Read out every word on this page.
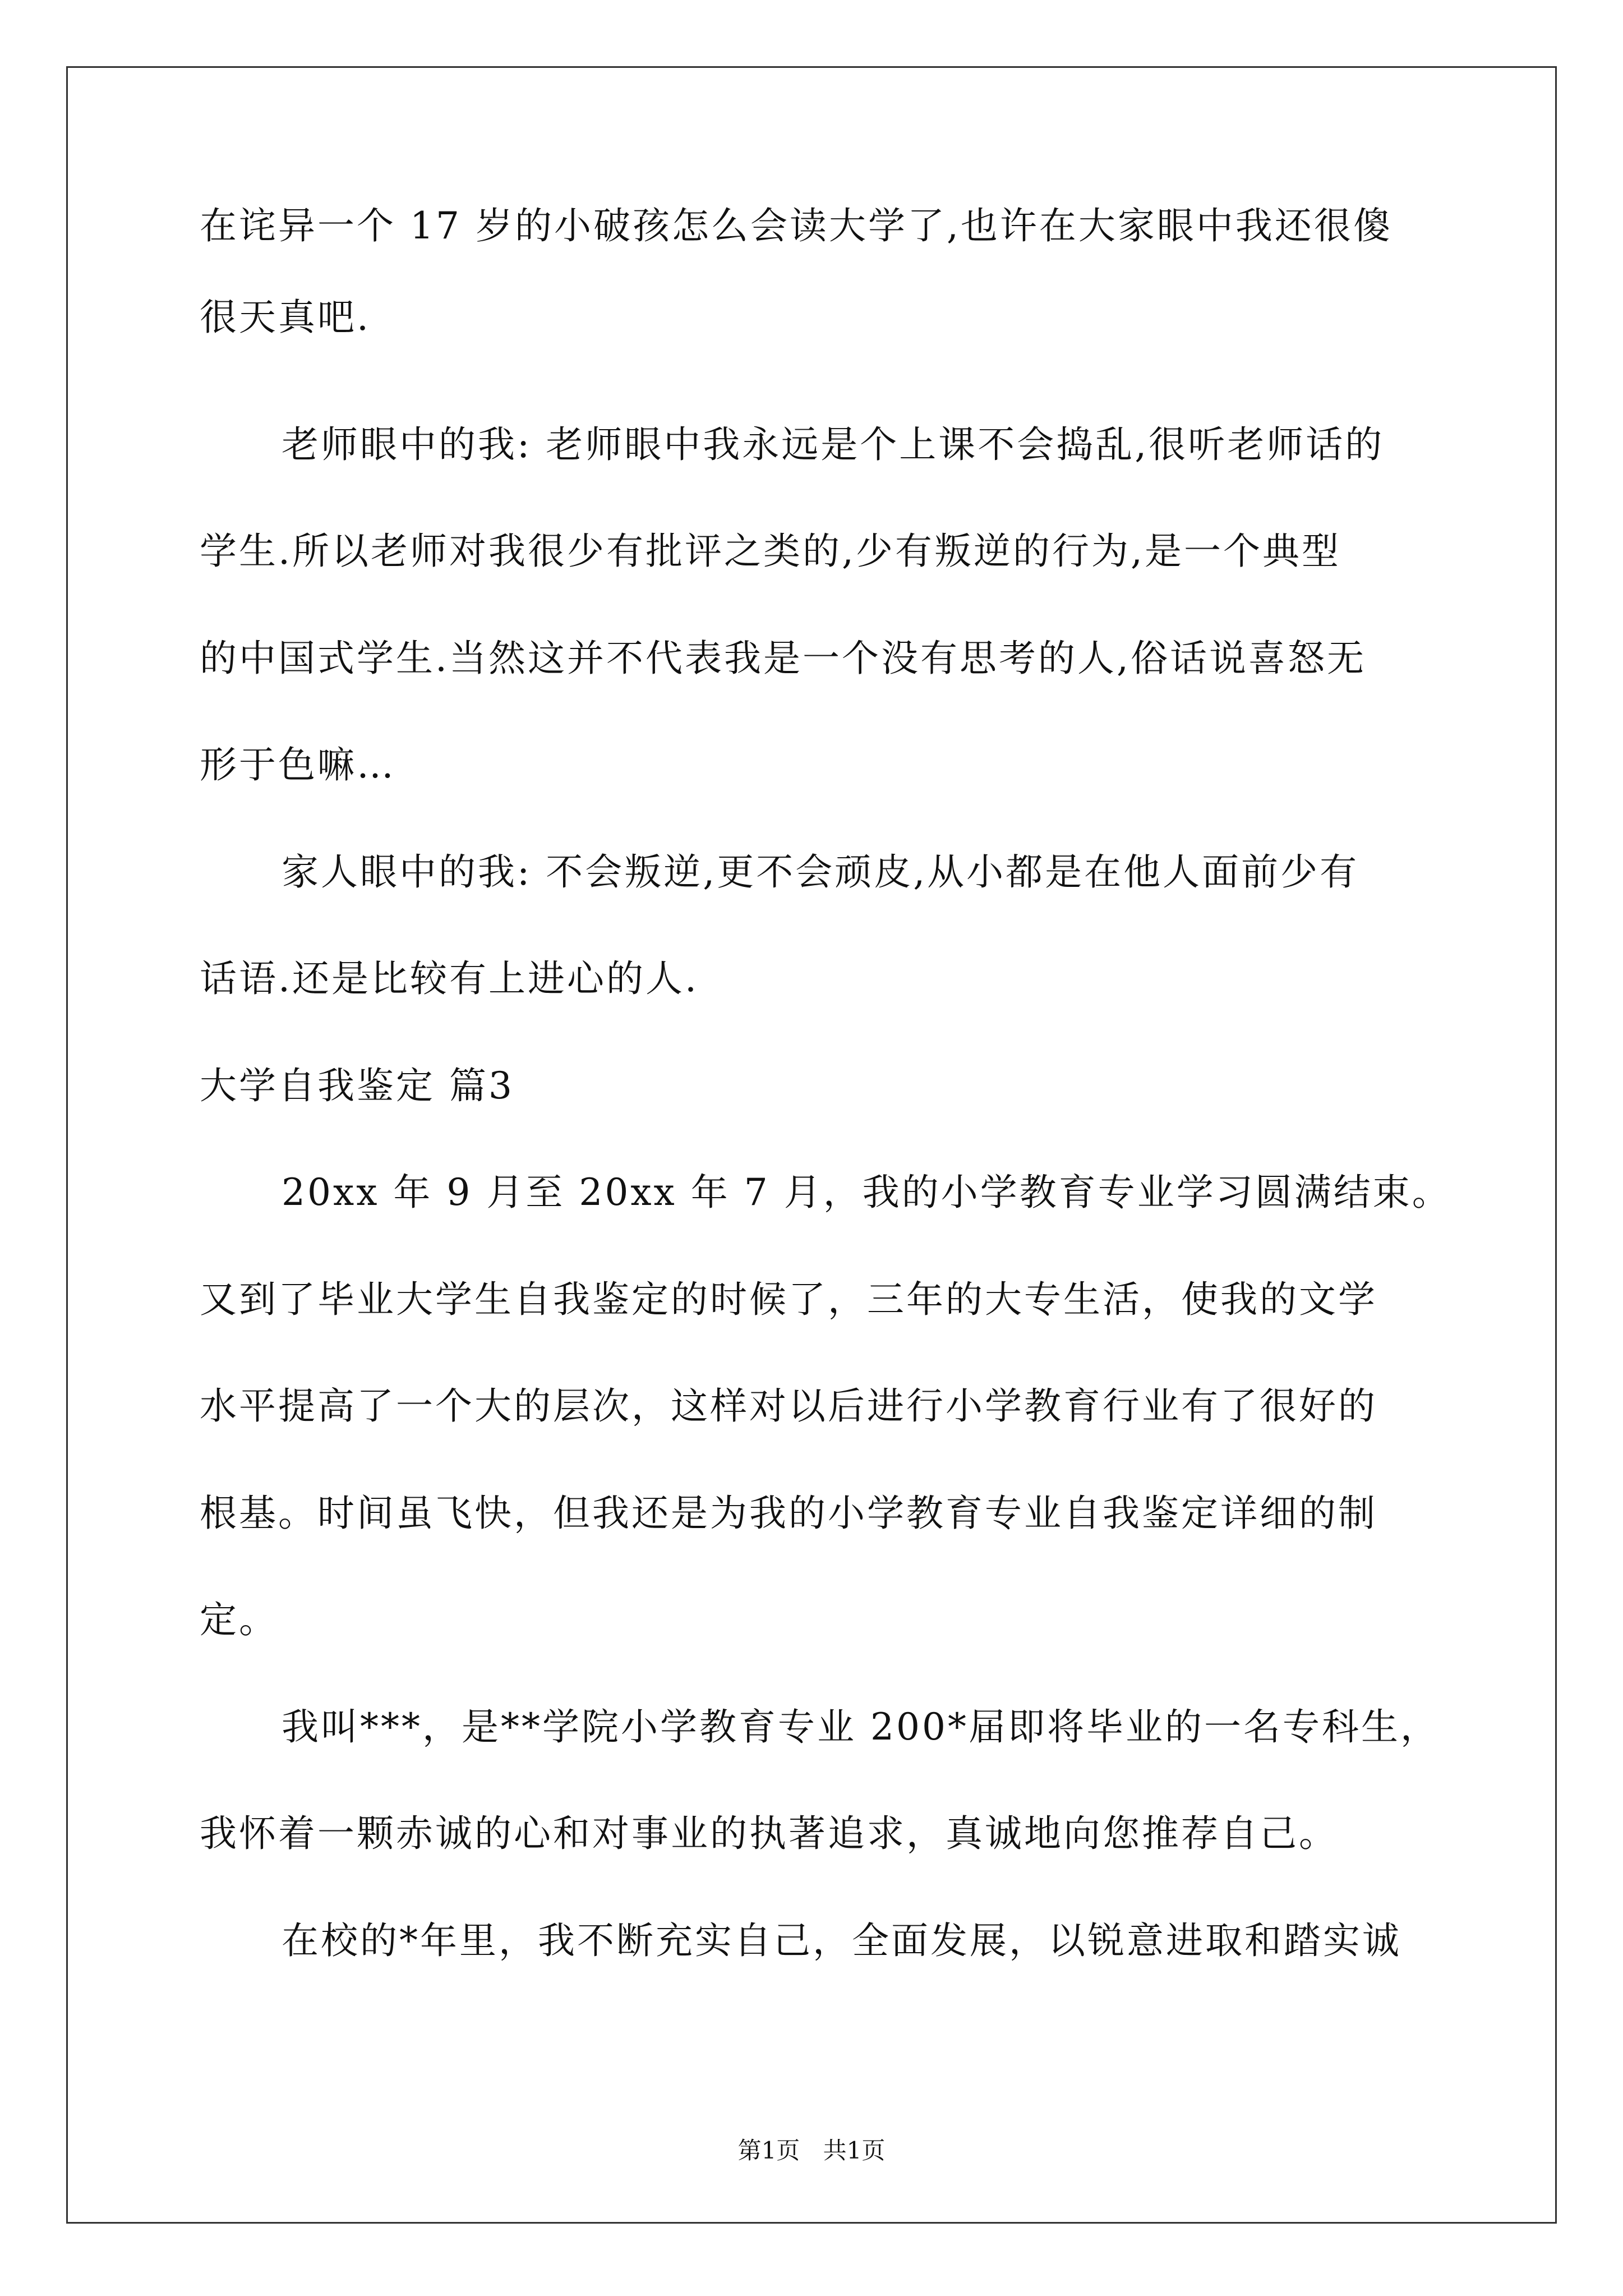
在诧异一个 17 岁的小破孩怎么会读大学了,也许在大家眼中我还很傻

很天真吧.

老师眼中的我: 老师眼中我永远是个上课不会捣乱,很听老师话的

学生.所以老师对我很少有批评之类的,少有叛逆的行为,是一个典型

的中国式学生.当然这并不代表我是一个没有思考的人,俗话说喜怒无

形于色嘛…

家人眼中的我: 不会叛逆,更不会顽皮,从小都是在他人面前少有

话语.还是比较有上进心的人.

大学自我鉴定 篇3

20xx 年 9 月至 20xx 年 7 月，我的小学教育专业学习圆满结束。

又到了毕业大学生自我鉴定的时候了，三年的大专生活，使我的文学

水平提高了一个大的层次，这样对以后进行小学教育行业有了很好的

根基。时间虽飞快，但我还是为我的小学教育专业自我鉴定详细的制

定。

我叫***，是**学院小学教育专业 200*届即将毕业的一名专科生，

我怀着一颗赤诚的心和对事业的执著追求，真诚地向您推荐自己。

在校的*年里，我不断充实自己，全面发展，以锐意进取和踏实诚

第1页 共1页
